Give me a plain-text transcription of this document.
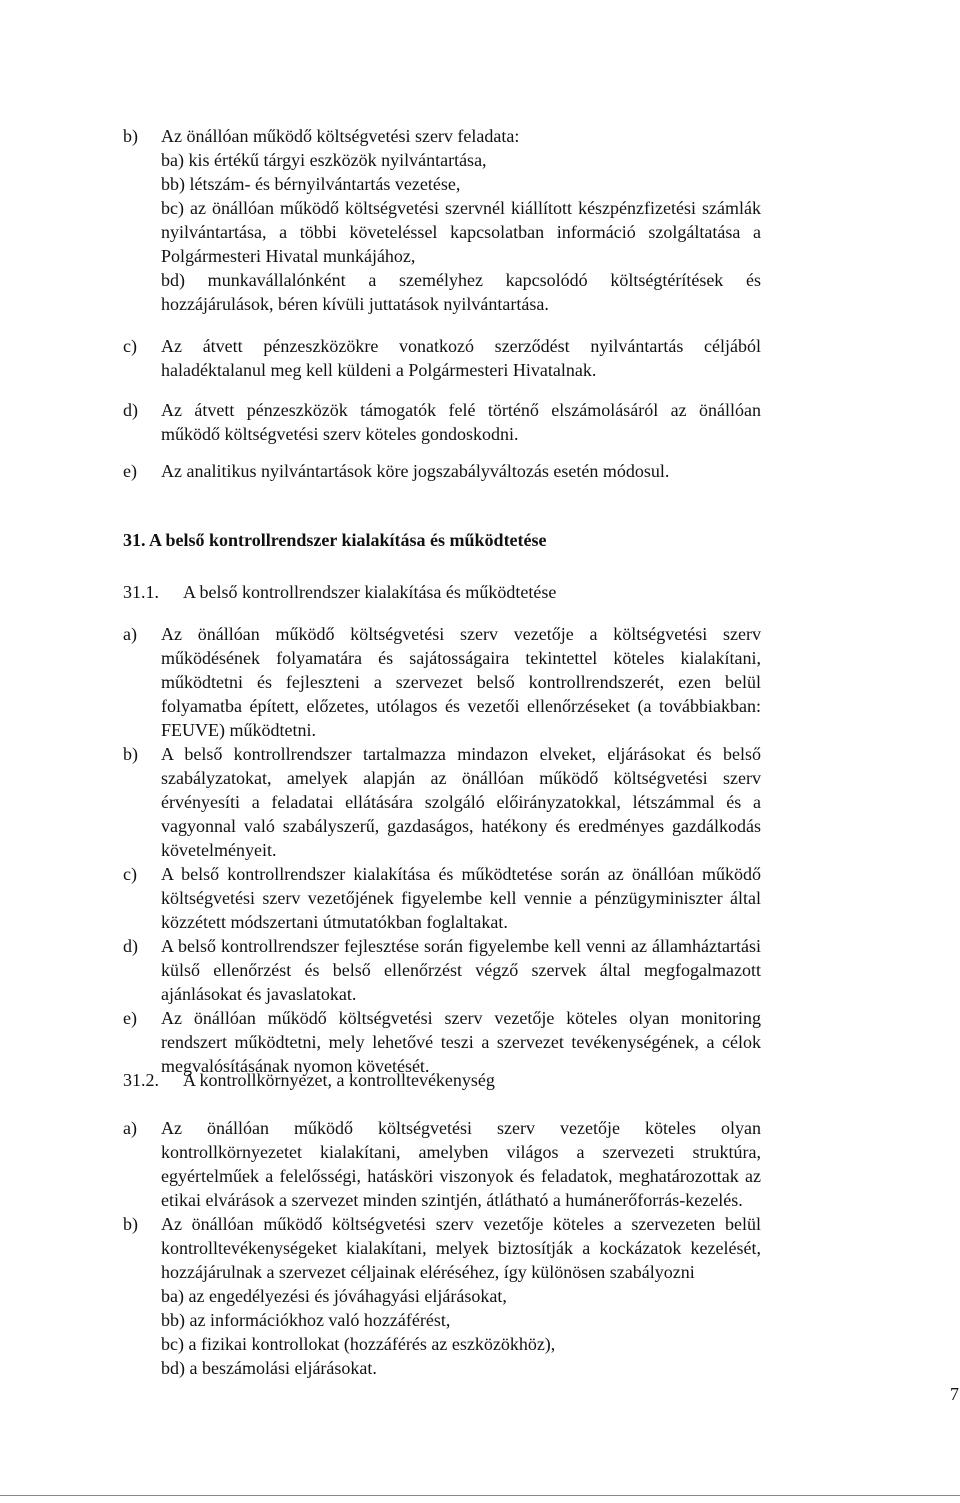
b)	Az önállóan működő költségvetési szerv feladata:
ba) kis értékű tárgyi eszközök nyilvántartása,
bb) létszám- és bérnyilvántartás vezetése,
bc) az önállóan működő költségvetési szervnél kiállított készpénzfizetési számlák nyilvántartása, a többi követeléssel kapcsolatban információ szolgáltatása a Polgármesteri Hivatal munkájához,
bd) munkavállalónként a személyhez kapcsolódó költségtérítések és hozzájárulások, béren kívüli juttatások nyilvántartása.
c)	Az átvett pénzeszközökre vonatkozó szerződést nyilvántartás céljából haladéktalanul meg kell küldeni a Polgármesteri Hivatalnak.
d)	Az átvett pénzeszközök támogatók felé történő elszámolásáról az önállóan működő költségvetési szerv köteles gondoskodni.
e)	Az analitikus nyilvántartások köre jogszabályváltozás esetén módosul.
31. A belső kontrollrendszer kialakítása és működtetése
31.1.	A belső kontrollrendszer kialakítása és működtetése
a)	Az önállóan működő költségvetési szerv vezetője a költségvetési szerv működésének folyamatára és sajátosságaira tekintettel köteles kialakítani, működtetni és fejleszteni a szervezet belső kontrollrendszerét, ezen belül folyamatba épített, előzetes, utólagos és vezetői ellenőrzéseket (a továbbiakban: FEUVE) működtetni.
b)	A belső kontrollrendszer tartalmazza mindazon elveket, eljárásokat és belső szabályzatokat, amelyek alapján az önállóan működő költségvetési szerv érvényesíti a feladatai ellátására szolgáló előirányzatokkal, létszámmal és a vagyonnal való szabályszerű, gazdaságos, hatékony és eredményes gazdálkodás követelményeit.
c)	A belső kontrollrendszer kialakítása és működtetése során az önállóan működő költségvetési szerv vezetőjének figyelembe kell vennie a pénzügyminiszter által közzétett módszertani útmutatókban foglaltakat.
d)	A belső kontrollrendszer fejlesztése során figyelembe kell venni az államháztartási külső ellenőrzést és belső ellenőrzést végző szervek által megfogalmazott ajánlásokat és javaslatokat.
e)	Az önállóan működő költségvetési szerv vezetője köteles olyan monitoring rendszert működtetni, mely lehetővé teszi a szervezet tevékenységének, a célok megvalósításának nyomon követését.
31.2.	A kontrollkörnyezet, a kontrolltevékenység
a)	Az önállóan működő költségvetési szerv vezetője köteles olyan kontrollkörnyezetet kialakítani, amelyben világos a szervezeti struktúra, egyértelműek a felelősségi, hatásköri viszonyok és feladatok, meghatározottak az etikai elvárások a szervezet minden szintjén, átlátható a humánerőforrás-kezelés.
b)	Az önállóan működő költségvetési szerv vezetője köteles a szervezeten belül kontrolltevékenységeket kialakítani, melyek biztosítják a kockázatok kezelését, hozzájárulnak a szervezet céljainak eléréséhez, így különösen szabályozni
ba) az engedélyezési és jóváhagyási eljárásokat,
bb) az információkhoz való hozzáférést,
bc) a fizikai kontrollokat (hozzáférés az eszközökhöz),
bd) a beszámolási eljárásokat.
7
